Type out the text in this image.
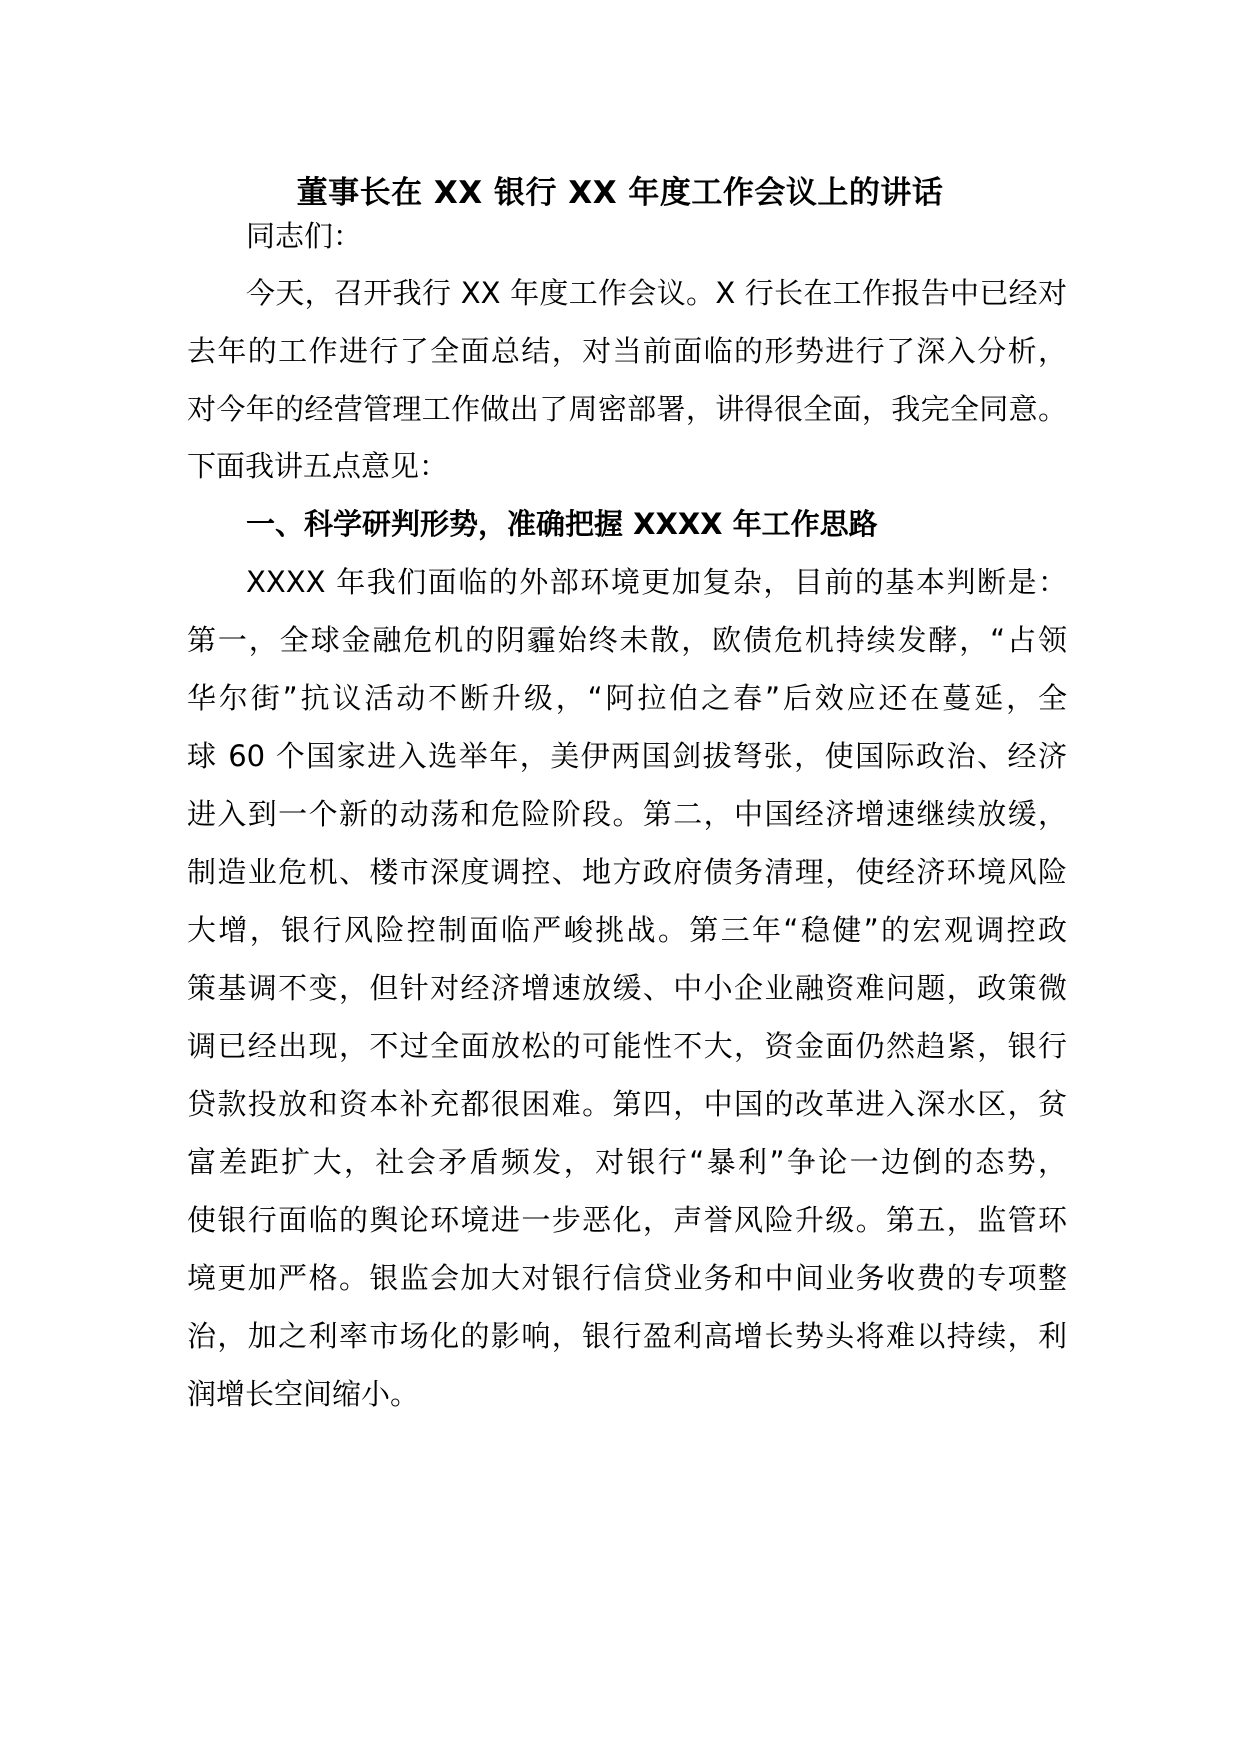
董事长在 XX 银行 XX 年度工作会议上的讲话
同志们：
今天，召开我行 XX 年度工作会议。X 行长在工作报告中已经对
去年的工作进行了全面总结，对当前面临的形势进行了深入分析，
对今年的经营管理工作做出了周密部署，讲得很全面，我完全同意。
下面我讲五点意见：
一、科学研判形势，准确把握 XXXX 年工作思路
XXXX 年我们面临的外部环境更加复杂，目前的基本判断是：
第一，全球金融危机的阴霾始终未散，欧债危机持续发酵，“占领
华尔街”抗议活动不断升级，“阿拉伯之春”后效应还在蔓延，全
球 60 个国家进入选举年，美伊两国剑拔弩张，使国际政治、经济
进入到一个新的动荡和危险阶段。第二，中国经济增速继续放缓，
制造业危机、楼市深度调控、地方政府债务清理，使经济环境风险
大增，银行风险控制面临严峻挑战。第三年“稳健”的宏观调控政
策基调不变，但针对经济增速放缓、中小企业融资难问题，政策微
调已经出现，不过全面放松的可能性不大，资金面仍然趋紧，银行
贷款投放和资本补充都很困难。第四，中国的改革进入深水区，贫
富差距扩大，社会矛盾频发，对银行“暴利”争论一边倒的态势，
使银行面临的舆论环境进一步恶化，声誉风险升级。第五，监管环
境更加严格。银监会加大对银行信贷业务和中间业务收费的专项整
治，加之利率市场化的影响，银行盈利高增长势头将难以持续，利
润增长空间缩小。
